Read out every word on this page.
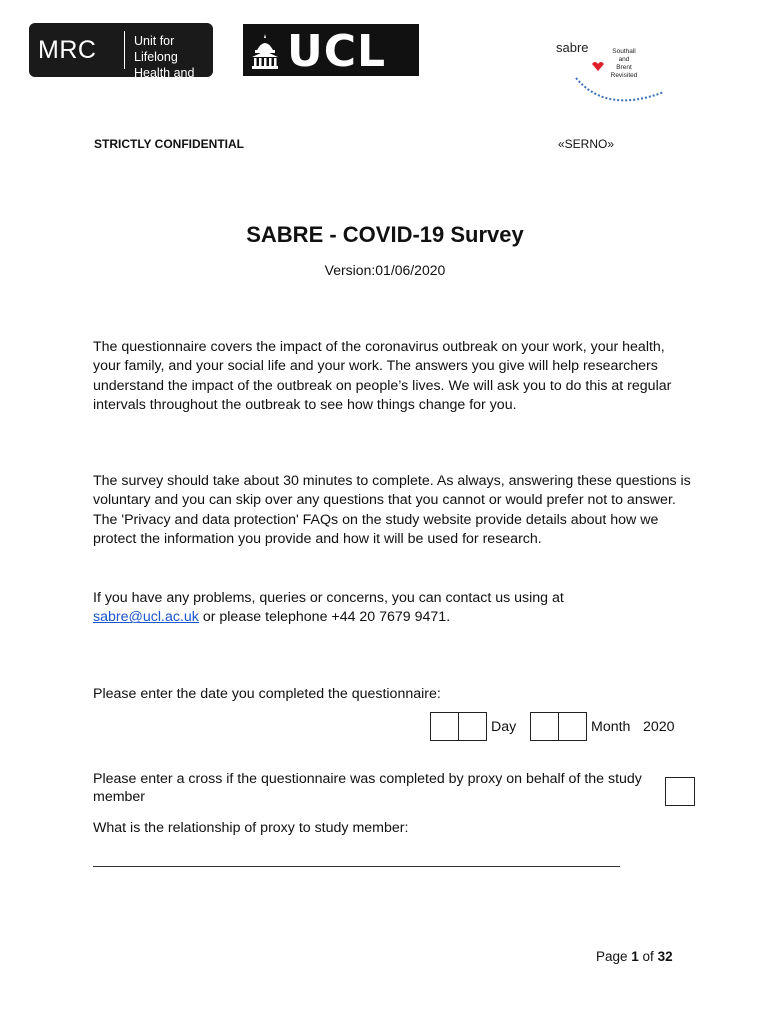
MRC	Unit for Lifelong
Health and Ageing
UCL	sabre	Southall
and
Brent
Revisited
STRICTLY CONFIDENTIAL	«SERNO»
SABRE - COVID-19 Survey
Version:01/06/2020
The questionnaire covers the impact of the coronavirus outbreak on your work, your health, your family, and your social life and your work. The answers you give will help researchers understand the impact of the outbreak on people’s lives. We will ask you to do this at regular intervals throughout the outbreak to see how things change for you.
The survey should take about 30 minutes to complete. As always, answering these questions is voluntary and you can skip over any questions that you cannot or would prefer not to answer. The 'Privacy and data protection' FAQs on the study website provide details about how we protect the information you provide and how it will be used for research.
If you have any problems, queries or concerns, you can contact us using at
sabre@ucl.ac.uk or please telephone +44 20 7679 9471.
Please enter the date you completed the questionnaire:
Day	Month 2020
Please enter a cross if the questionnaire was completed by proxy on behalf of the study member
What is the relationship of proxy to study member:
Page 1 of 32
